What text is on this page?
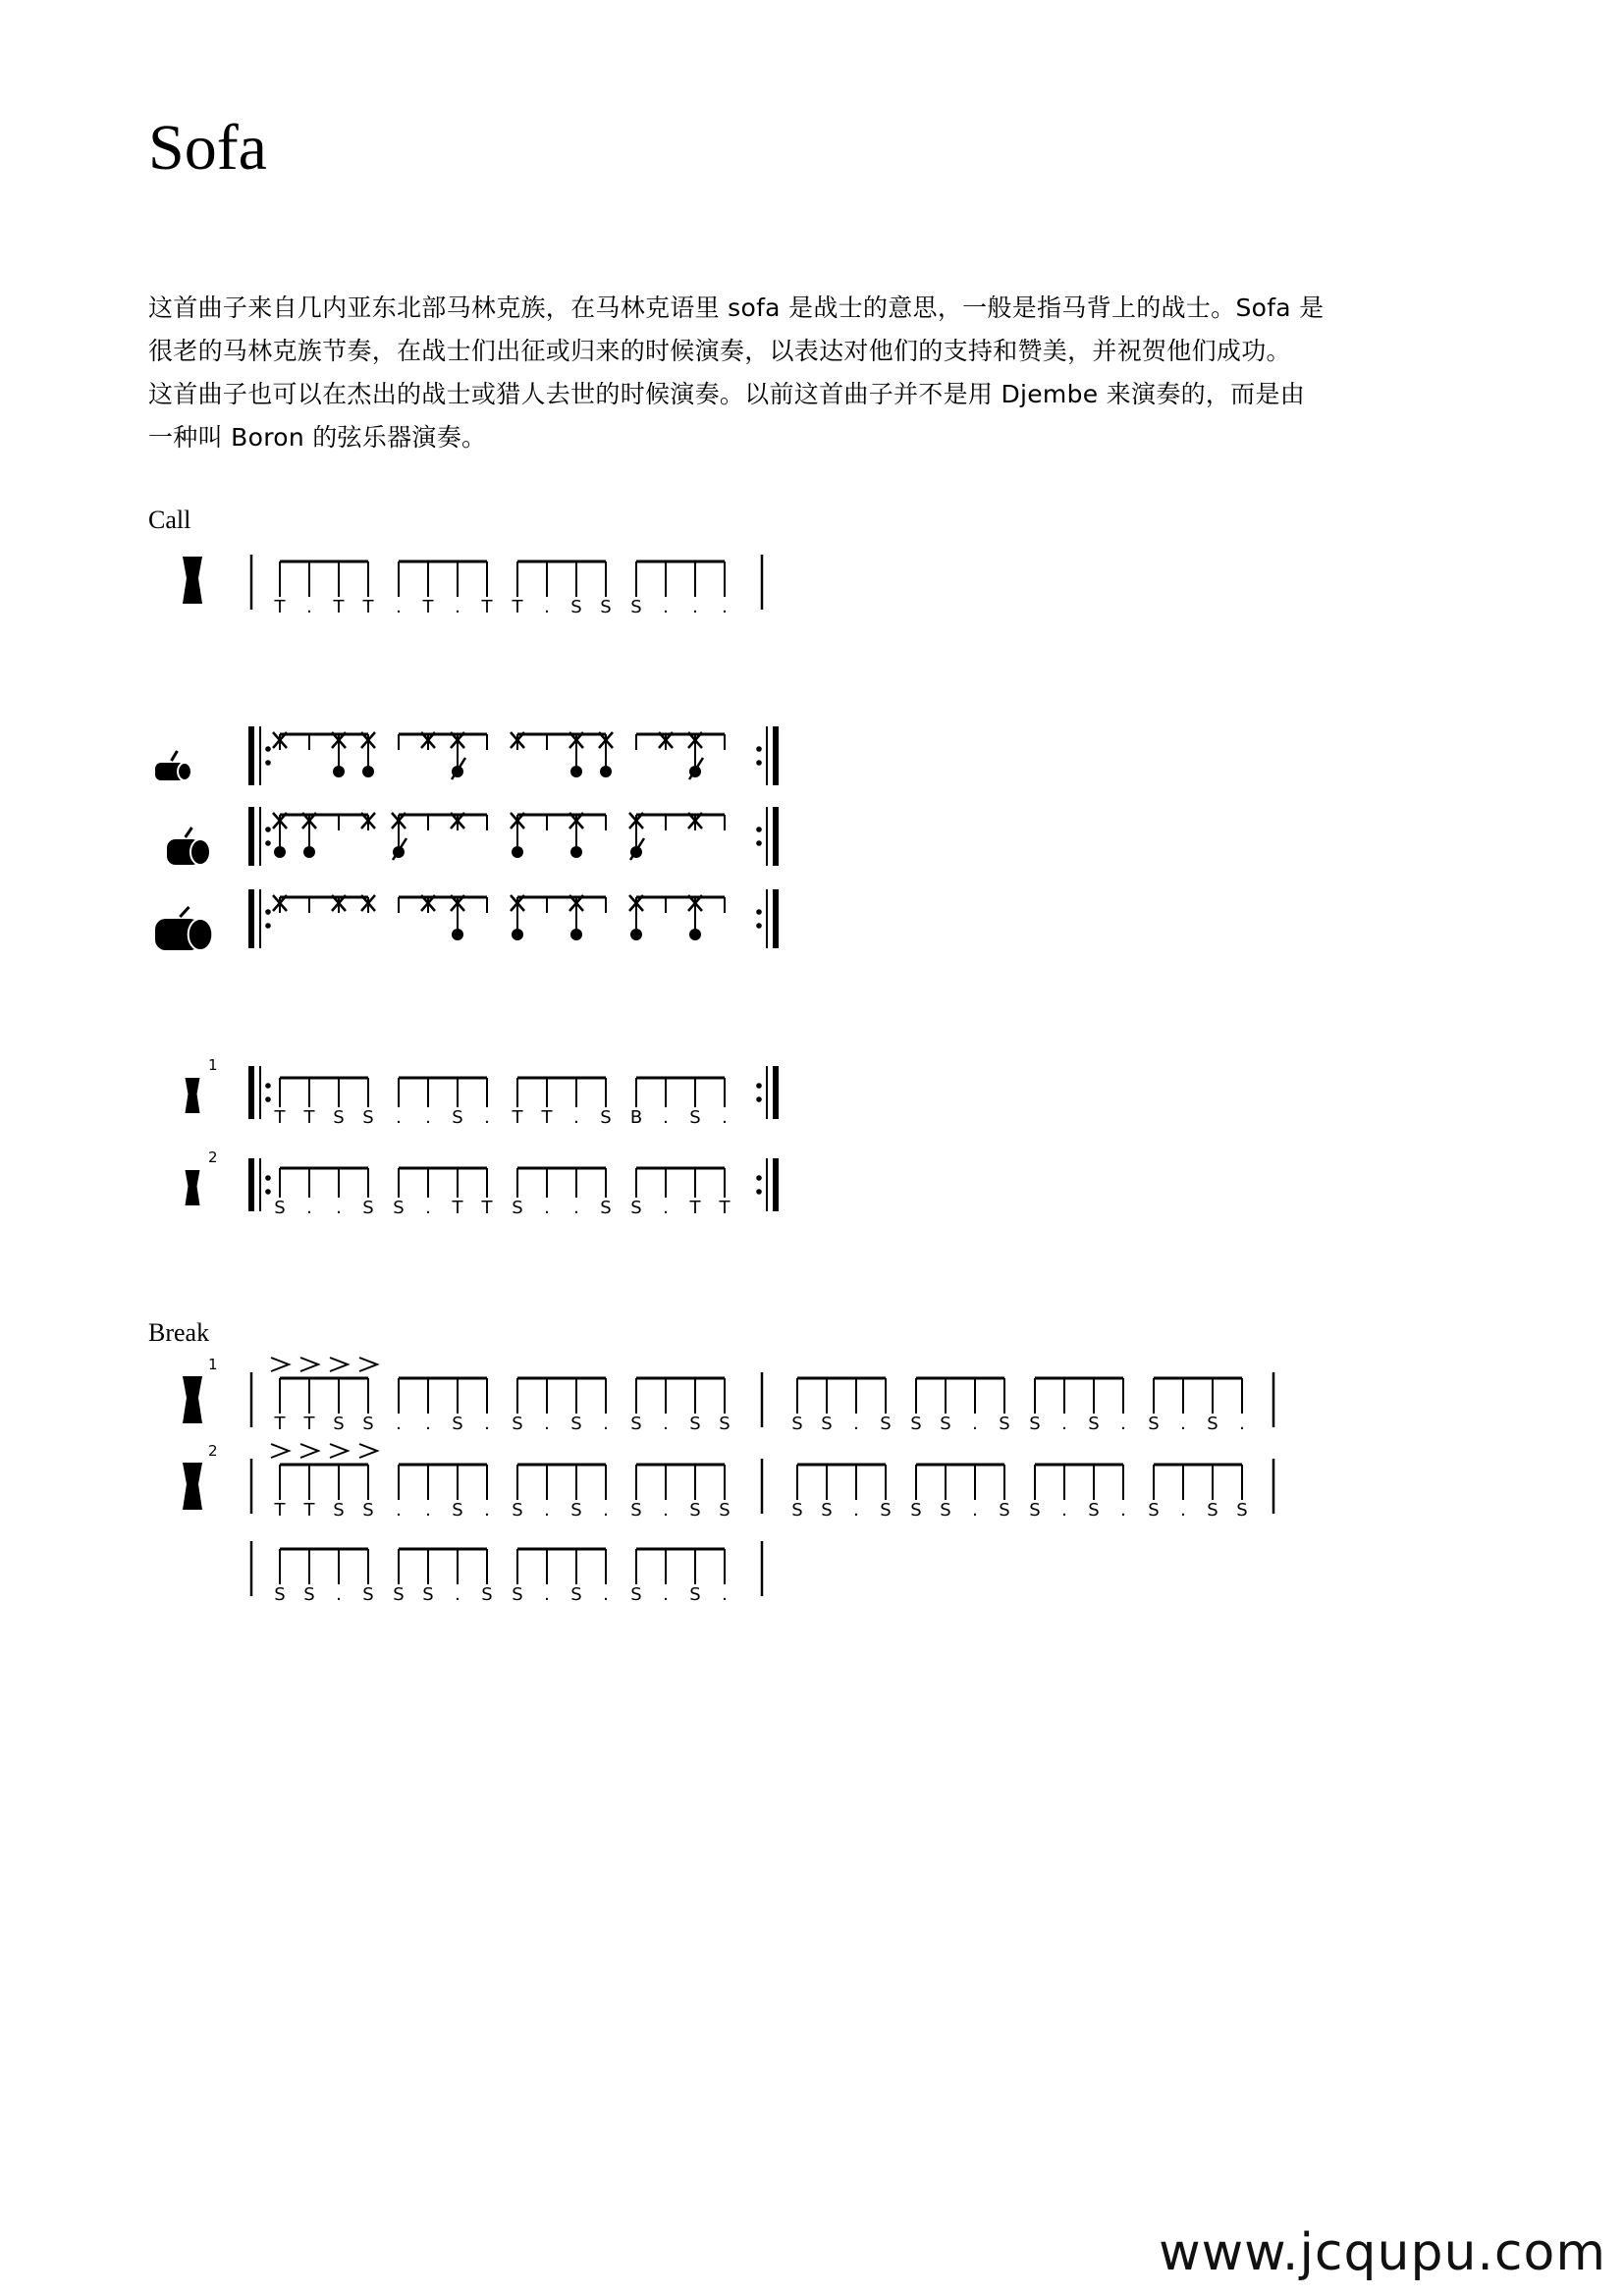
Sofa

这首曲子来自几内亚东北部马林克族，在马林克语里 sofa 是战士的意思，一般是指马背上的战士。Sofa 是

很老的马林克族节奏，在战士们出征或归来的时候演奏，以表达对他们的支持和赞美，并祝贺他们成功。

这首曲子也可以在杰出的战士或猎人去世的时候演奏。以前这首曲子并不是用 Djembe 来演奏的，而是由

一种叫 Boron 的弦乐器演奏。

Call
Break
T . T T . T . T T . S S S . . .
1
T T S S . . S . T T . S B . S .
2
S . . S S . T T S . . S S . T T
1
T T S S . . S . S . S . S . S S	S S . S S S . S S . S . S . S .
2
T T S S . . S . S . S . S . S S	S S . S S S . S S . S . S . S S
S S . S S S . S S . S . S . S .
www.jcqupu.com
